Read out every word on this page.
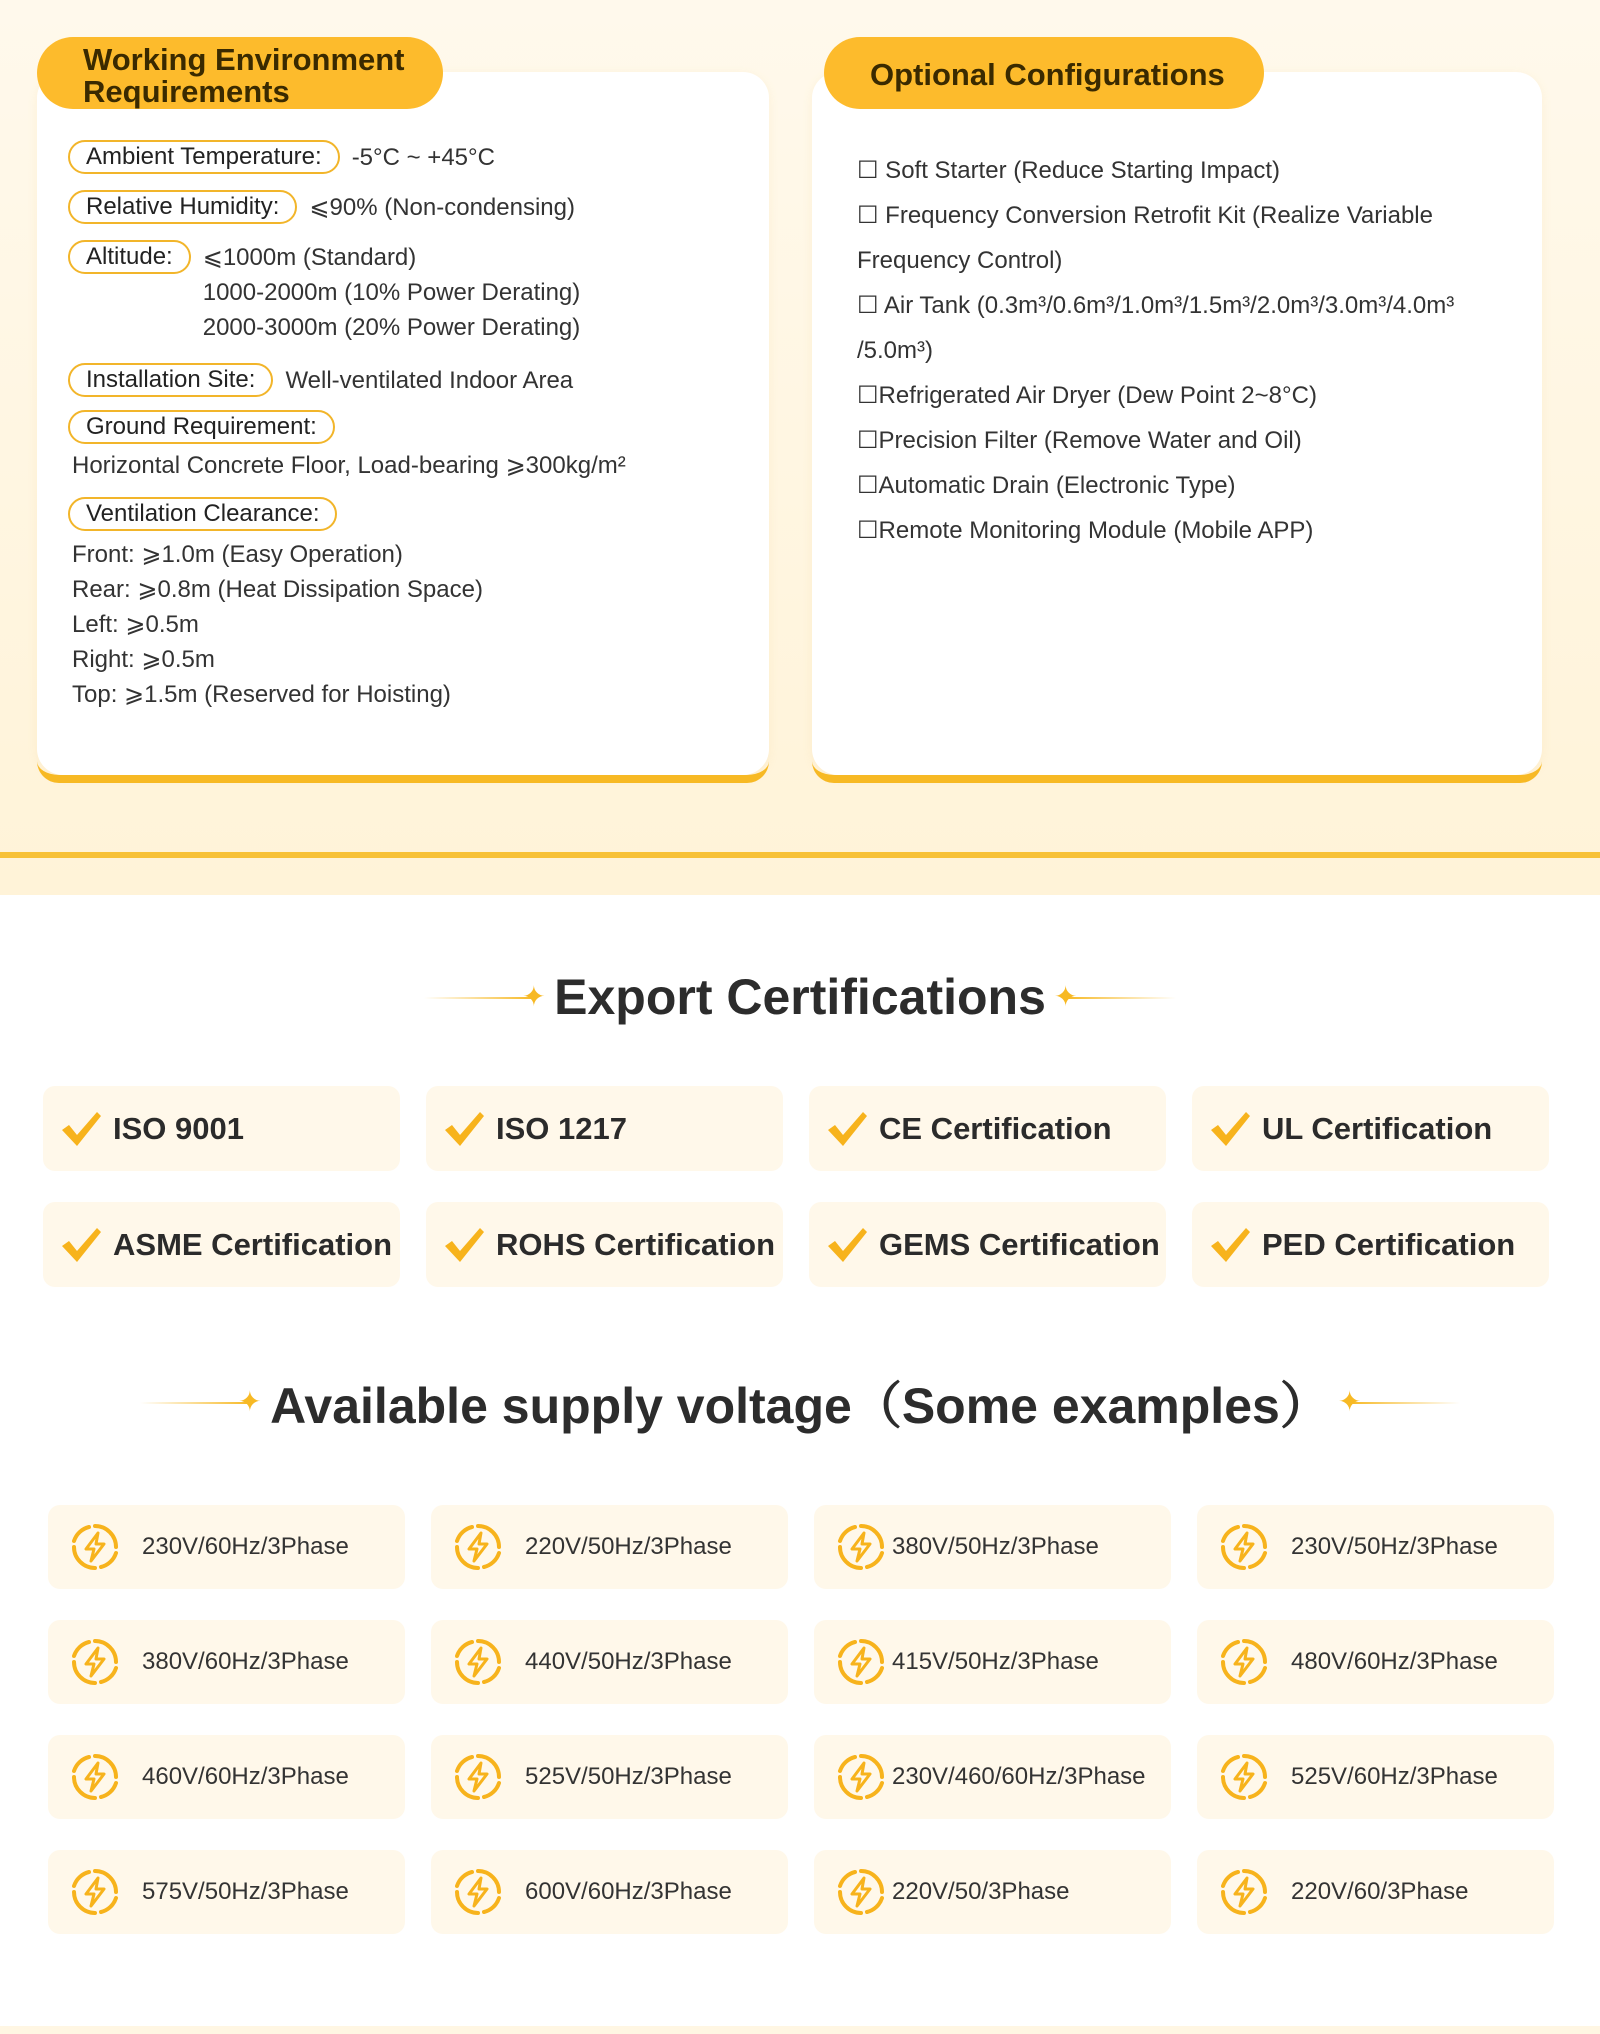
Working Environment Requirements	Optional Configurations
Ambient Temperature:	-5°C ~ +45°C
Relative Humidity:	⩽90% (Non-condensing)
Altitude:	⩽1000m (Standard)
1000-2000m (10% Power Derating)
2000-3000m (20% Power Derating)
Installation Site:	Well-ventilated Indoor Area
Ground Requirement:
Horizontal Concrete Floor, Load-bearing ⩾300kg/m²
Ventilation Clearance:
Front: ⩾1.0m (Easy Operation)
Rear: ⩾0.8m (Heat Dissipation Space)
Left: ⩾0.5m
Right: ⩾0.5m
Top: ⩾1.5m (Reserved for Hoisting)
☐ Soft Starter (Reduce Starting Impact)
☐ Frequency Conversion Retrofit Kit (Realize Variable
Frequency Control)
☐ Air Tank (0.3m³/0.6m³/1.0m³/1.5m³/2.0m³/3.0m³/4.0m³
/5.0m³)
☐Refrigerated Air Dryer (Dew Point 2~8°C)
☐Precision Filter (Remove Water and Oil)
☐Automatic Drain (Electronic Type)
☐Remote Monitoring Module (Mobile APP)
✦
Export Certifications
✦
ISO 9001	ISO 1217	CE Certification	UL Certification
ASME Certification	ROHS Certification	GEMS Certification	PED Certification
✦
Available supply voltage（Some examples）
✦
230V/60Hz/3Phase	220V/50Hz/3Phase	380V/50Hz/3Phase	230V/50Hz/3Phase
380V/60Hz/3Phase	440V/50Hz/3Phase	415V/50Hz/3Phase	480V/60Hz/3Phase
460V/60Hz/3Phase	525V/50Hz/3Phase	230V/460/60Hz/3Phase	525V/60Hz/3Phase
575V/50Hz/3Phase	600V/60Hz/3Phase	220V/50/3Phase	220V/60/3Phase
